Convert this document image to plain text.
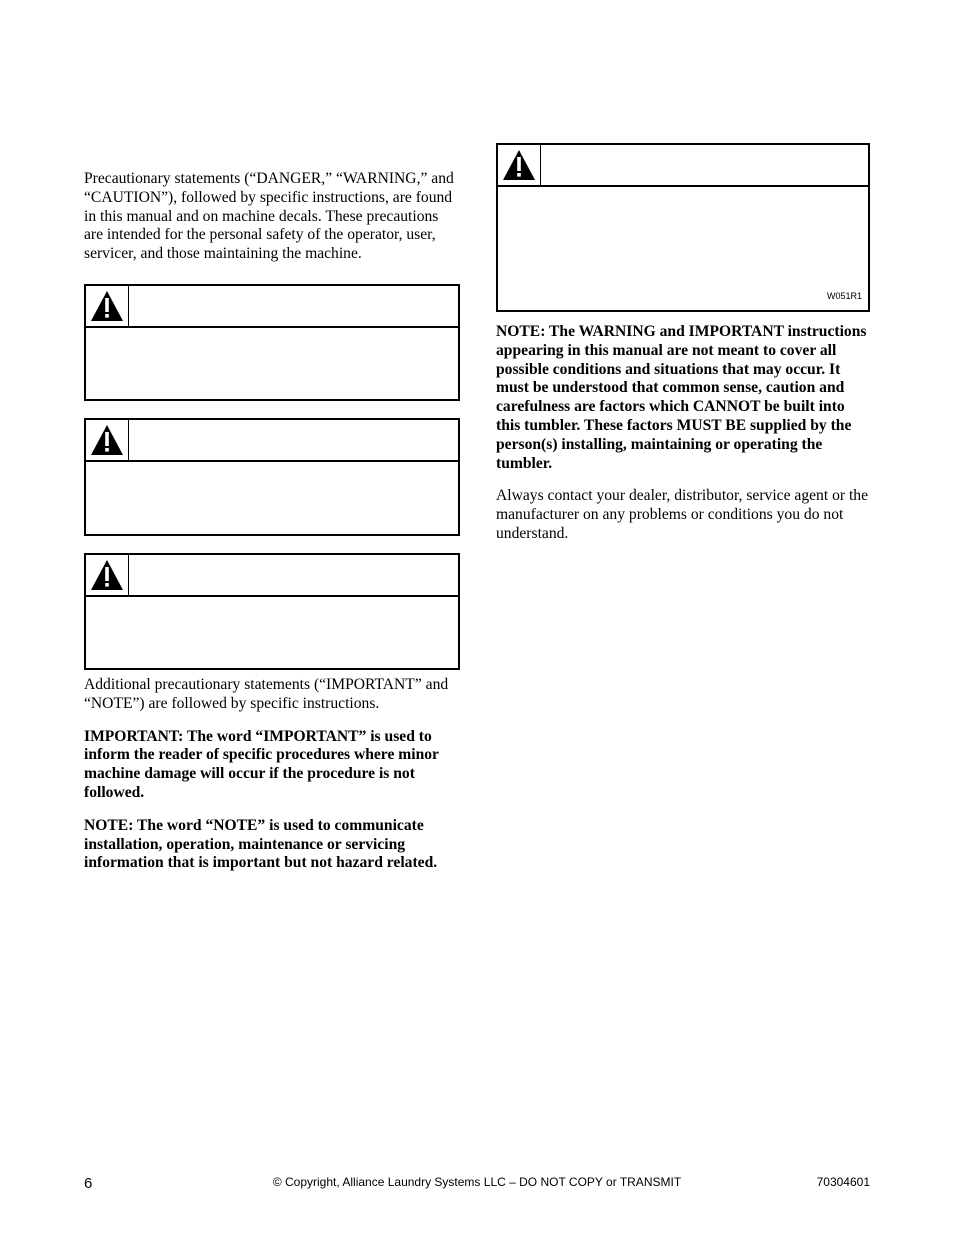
Precautionary statements (“DANGER,” “WARNING,” and “CAUTION”), followed by specific instructions, are found in this manual and on machine decals. These precautions are intended for the personal safety of the operator, user, servicer, and those maintaining the machine.

Additional precautionary statements (“IMPORTANT” and “NOTE”) are followed by specific instructions.

IMPORTANT: The word “IMPORTANT” is used to inform the reader of specific procedures where minor machine damage will occur if the procedure is not followed.

NOTE: The word “NOTE” is used to communicate installation, operation, maintenance or servicing information that is important but not hazard related.

W051R1

NOTE: The WARNING and IMPORTANT instructions appearing in this manual are not meant to cover all possible conditions and situations that may occur. It must be understood that common sense, caution and carefulness are factors which CANNOT be built into this tumbler. These factors MUST BE supplied by the person(s) installing, maintaining or operating the tumbler.

Always contact your dealer, distributor, service agent or the manufacturer on any problems or conditions you do not understand.

6	© Copyright, Alliance Laundry Systems LLC – DO NOT COPY or TRANSMIT	70304601
